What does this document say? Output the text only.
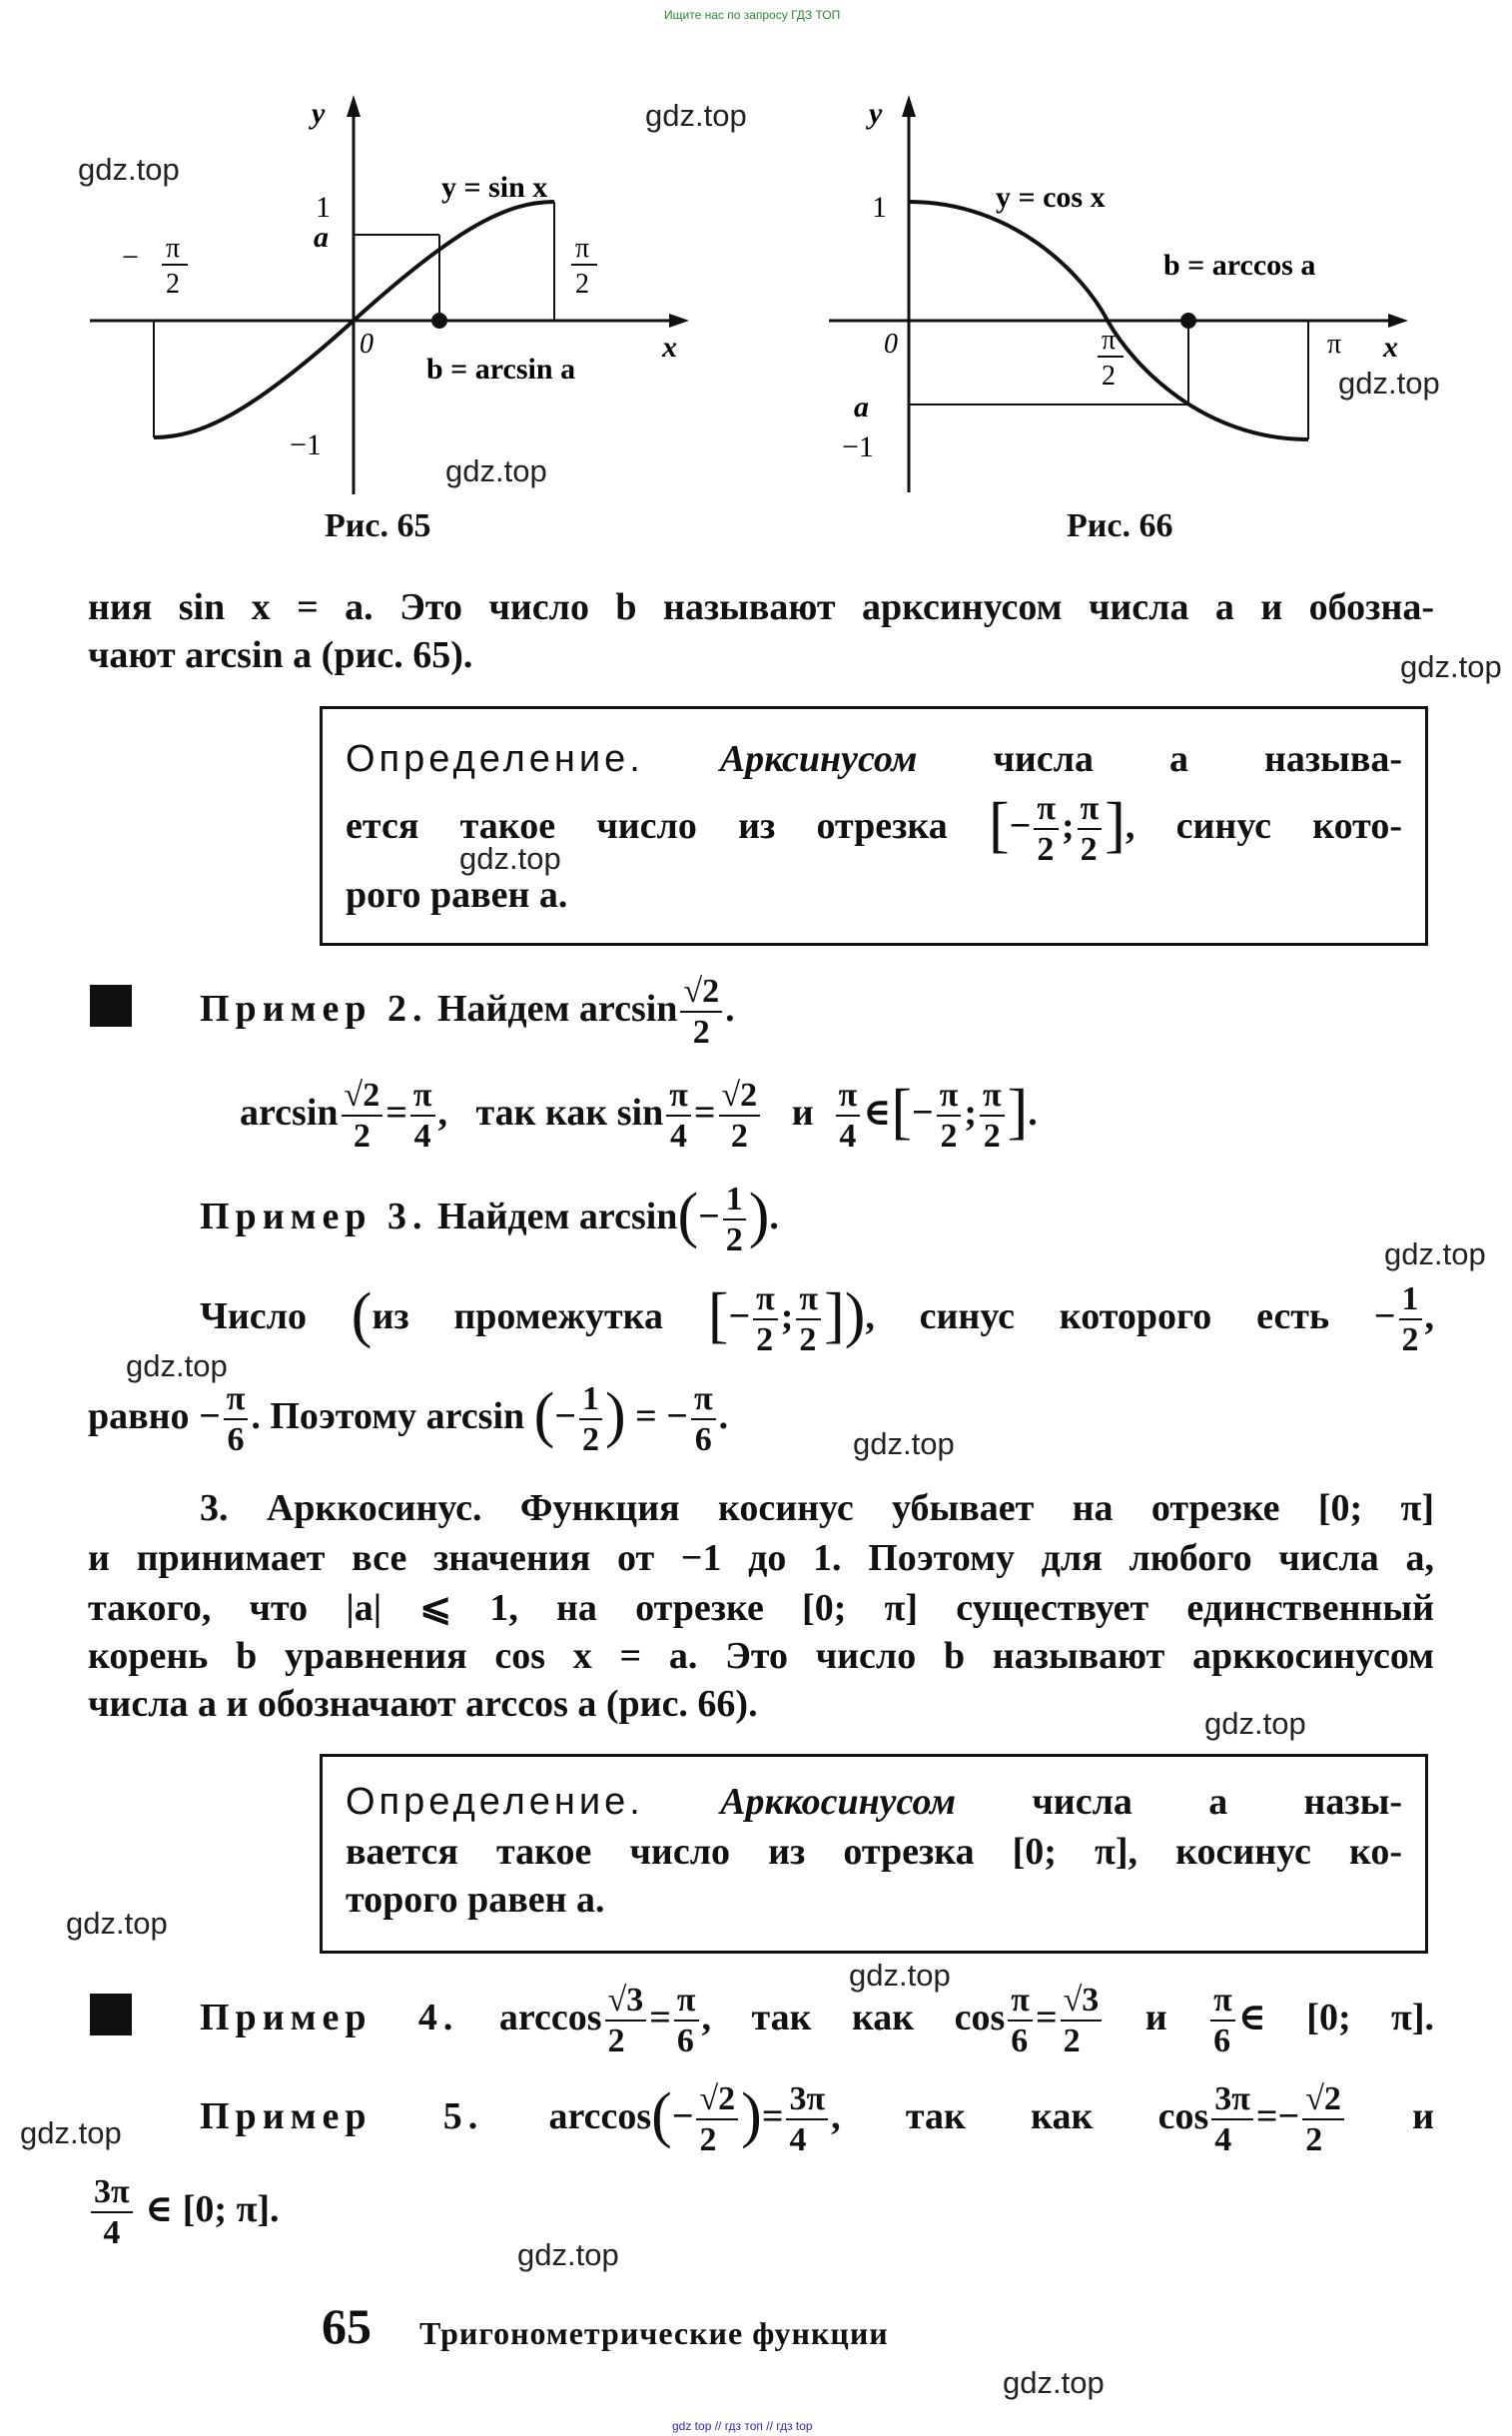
Ищите нас по запросу ГДЗ ТОП
gdz top // гдз топ // гдз top
y
x
0
1
−1
a
y = sin x
− π
2
π
2
b = arcsin a
Рис. 65
y
x
0
1
−1
a
y = cos x
π
2
π
b = arccos a
Рис. 66
ния sin x = a. Это число b называют арксинусом числа a и обозна-
чают arcsin a (рис. 65).
Определение. Арксинусом числа a называ-
ется такое число из отрезка [− $\frac{\pi}{2}$ ; $\frac{\pi}{2}$ ], синус кото-
рого равен a.
Пример 2. Найдем $\arcsin \frac{√2}{2}$ .
$\arcsin \frac{√2}{2} = \frac{\pi}{4}$ , так как $\sin \frac{\pi}{4} = \frac{√2}{2}$ и $\frac{\pi}{4}$ ∈[− $\frac{\pi}{2}$ ; $\frac{\pi}{2}$ ].
Пример 3. Найдем $\arcsin(- \frac{1}{2}$ ).
Число (из промежутка [− $\frac{\pi}{2}$ ; $\frac{\pi}{2}$ ]), синус которого есть − $\frac{1}{2}$ ,
равно − $\frac{\pi}{6}$ . Поэтому arcsin (− $\frac{1}{2}$ ) = − $\frac{\pi}{6}$ .
3. Арккосинус. Функция косинус убывает на отрезке [0; π]
и принимает все значения от −1 до 1. Поэтому для любого числа a,
такого, что |a| ⩽ 1, на отрезке [0; π] существует единственный
корень b уравнения cos x = a. Это число b называют арккосинусом
числа a и обозначают arccos a (рис. 66).
Определение. Арккосинусом числа a назы-
вается такое число из отрезка [0; π], косинус ко-
торого равен a.
Пример 4. $\arccos \frac{√3}{2} = \frac{\pi}{6}$ , так как $\cos \frac{\pi}{6} = \frac{√3}{2}$ и $\frac{\pi}{6}$ ∈ [0; π].
Пример 5. $\arccos(- \frac{√2}{2}$ )= $\frac{3\pi}{4}$ , так как $\cos \frac{3\pi}{4} =- \frac{√2}{2}$ и
$\frac{3\pi}{4}$ ∈ [0; π].
65 Тригонометрические функции
gdz.top
gdz.top
gdz.top
gdz.top
gdz.top
gdz.top
gdz.top
gdz.top
gdz.top
gdz.top
gdz.top
gdz.top
gdz.top
gdz.top
gdz.top
